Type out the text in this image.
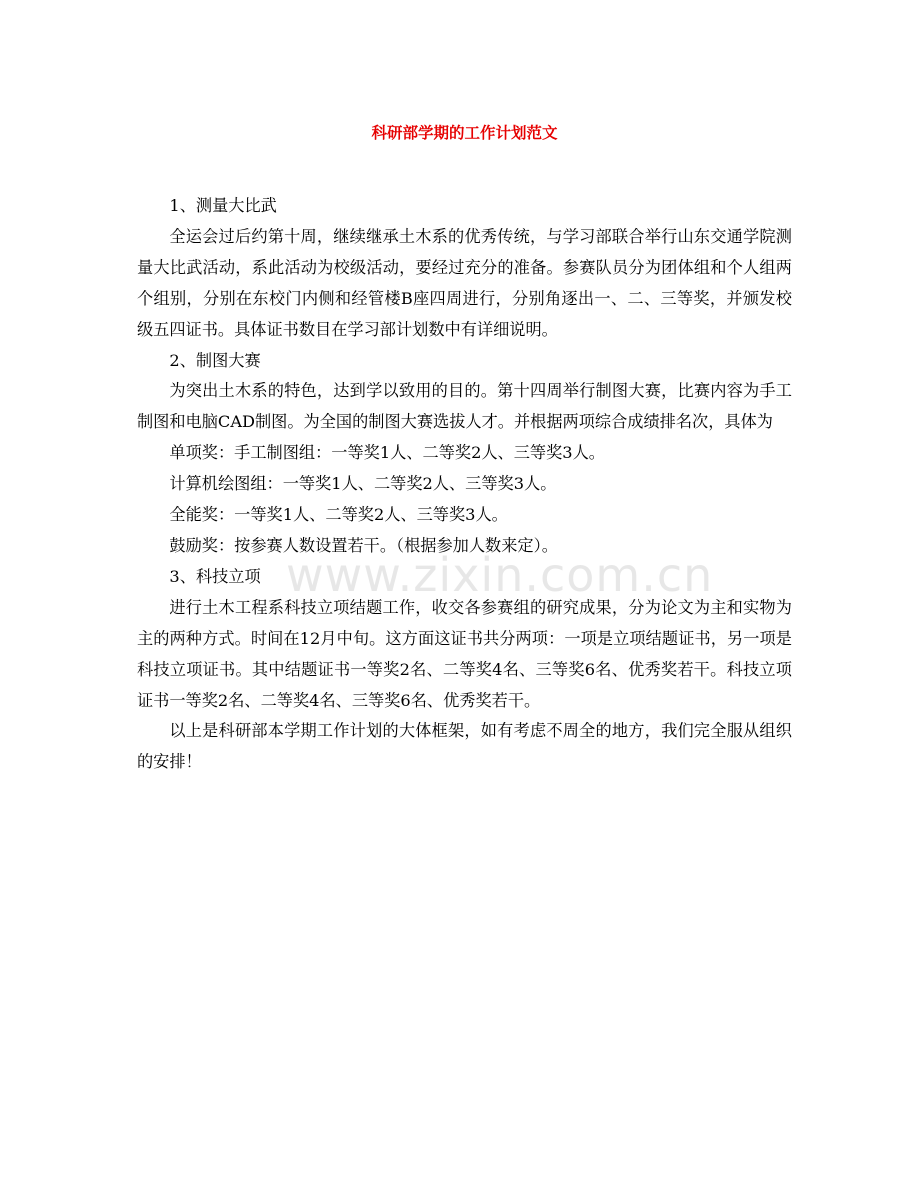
科研部学期的工作计划范文

1、测量大比武

全运会过后约第十周，继续继承土木系的优秀传统，与学习部联合举行山东交通学院测量大比武活动，系此活动为校级活动，要经过充分的准备。参赛队员分为团体组和个人组两个组别，分别在东校门内侧和经管楼B座四周进行，分别角逐出一、二、三等奖，并颁发校级五四证书。具体证书数目在学习部计划数中有详细说明。

2、制图大赛

为突出土木系的特色，达到学以致用的目的。第十四周举行制图大赛，比赛内容为手工制图和电脑CAD制图。为全国的制图大赛选拔人才。并根据两项综合成绩排名次，具体为

单项奖：手工制图组：一等奖1人、二等奖2人、三等奖3人。

计算机绘图组：一等奖1人、二等奖2人、三等奖3人。

全能奖：一等奖1人、二等奖2人、三等奖3人。

鼓励奖：按参赛人数设置若干。（根据参加人数来定）。

3、科技立项

进行土木工程系科技立项结题工作，收交各参赛组的研究成果，分为论文为主和实物为主的两种方式。时间在12月中旬。这方面这证书共分两项：一项是立项结题证书，另一项是科技立项证书。其中结题证书一等奖2名、二等奖4名、三等奖6名、优秀奖若干。科技立项证书一等奖2名、二等奖4名、三等奖6名、优秀奖若干。

以上是科研部本学期工作计划的大体框架，如有考虑不周全的地方，我们完全服从组织的安排！

www.zixin.com.cn
